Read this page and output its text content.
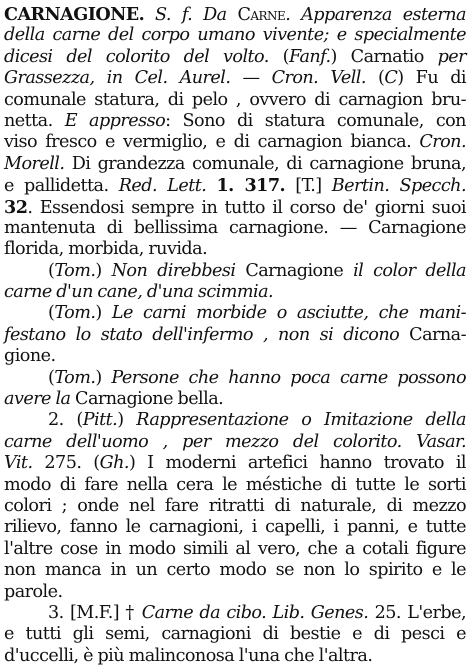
CARNAGIONE. S. f. Da Carne. Apparenza esterna
della carne del corpo umano vivente; e specialmente
dicesi del colorito del volto. (Fanf.) Carnatio per
Grassezza, in Cel. Aurel. — Cron. Vell. (C) Fu di
comunale statura, di pelo , ovvero di carnagion bru-
netta. E appresso: Sono di statura comunale, con
viso fresco e vermiglio, e di carnagion bianca. Cron.
Morell. Di grandezza comunale, di carnagione bruna,
e pallidetta. Red. Lett. 1. 317. [T.] Bertin. Specch.
32. Essendosi sempre in tutto il corso de' giorni suoi
mantenuta di bellissima carnagione. — Carnagione
florida, morbida, ruvida.
(Tom.) Non direbbesi Carnagione il color della
carne d'un cane, d'una scimmia.
(Tom.) Le carni morbide o asciutte, che mani-
festano lo stato dell'infermo , non si dicono Carna-
gione.
(Tom.) Persone che hanno poca carne possono
avere la Carnagione bella.
2. (Pitt.) Rappresentazione o Imitazione della
carne dell'uomo , per mezzo del colorito. Vasar.
Vit. 275. (Gh.) I moderni artefici hanno trovato il
modo di fare nella cera le méstiche di tutte le sorti
colori ; onde nel fare ritratti di naturale, di mezzo
rilievo, fanno le carnagioni, i capelli, i panni, e tutte
l'altre cose in modo simili al vero, che a cotali figure
non manca in un certo modo se non lo spirito e le
parole.
3. [M.F.] † Carne da cibo. Lib. Genes. 25. L'erbe,
e tutti gli semi, carnagioni di bestie e di pesci e
d'uccelli, è più malinconosa l'una che l'altra.
